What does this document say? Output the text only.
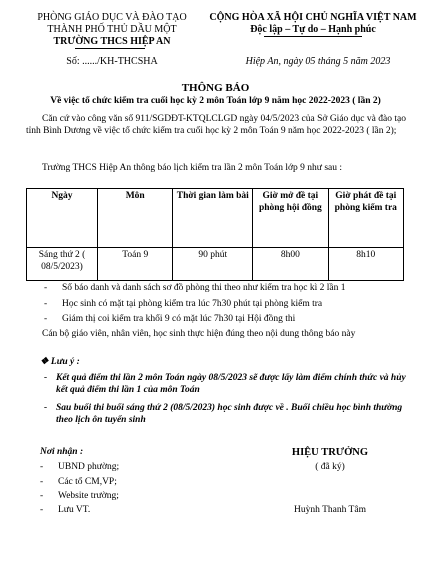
PHÒNG GIÁO DỤC VÀ ĐÀO TẠO
THÀNH PHỐ THỦ DẦU MỘT
TRƯỜNG THCS HIỆP AN
Số: ....../KH-THCSHA
CỘNG HÒA XÃ HỘI CHỦ NGHĨA VIỆT NAM
Độc lập – Tự do – Hạnh phúc
Hiệp An, ngày 05 tháng 5 năm 2023
THÔNG BÁO
Về việc tổ chức kiểm tra cuối học kỳ 2 môn Toán lớp 9 năm học 2022-2023 ( lần 2)
Căn cứ vào công văn số 911/SGDĐT-KTQLCLGD ngày 04/5/2023 của Sở Giáo dục và đào tạo tỉnh Bình Dương về việc tổ chức kiểm tra cuối học kỳ 2 môn Toán 9 năm học 2022-2023 ( lần 2);
Trường THCS Hiệp An thông báo lịch kiểm tra lần 2 môn Toán lớp 9 như sau :
Ngày	Môn	Thời gian làm bài	Giờ mở đề tại phòng hội đồng	Giờ phát đề tại phòng kiểm tra
Sáng thứ 2 ( 08/5/2023)	Toán 9	90 phút	8h00	8h10
- Số báo danh và danh sách sơ đồ phòng thi theo như kiểm tra học kì 2 lần 1
- Học sinh có mặt tại phòng kiểm tra lúc 7h30 phút tại phòng kiểm tra
- Giám thị coi kiểm tra khối 9 có mặt lúc 7h30 tại Hội đồng thi
Cán bộ giáo viên, nhân viên, học sinh thực hiện đúng theo nội dung thông báo này
❖ Lưu ý :
- Kết quả điểm thi lần 2 môn Toán ngày 08/5/2023 sẽ được lấy làm điểm chính thức và hủy kết quả điểm thi lần 1 của môn Toán
- Sau buổi thi buổi sáng thứ 2 (08/5/2023) học sinh được về . Buổi chiều học bình thường theo lịch ôn tuyển sinh
Nơi nhận :
- UBND phường;
- Các tổ CM,VP;
- Website trường;
- Lưu VT.
HIỆU TRƯỞNG
( đã ký)
Huỳnh Thanh Tâm
